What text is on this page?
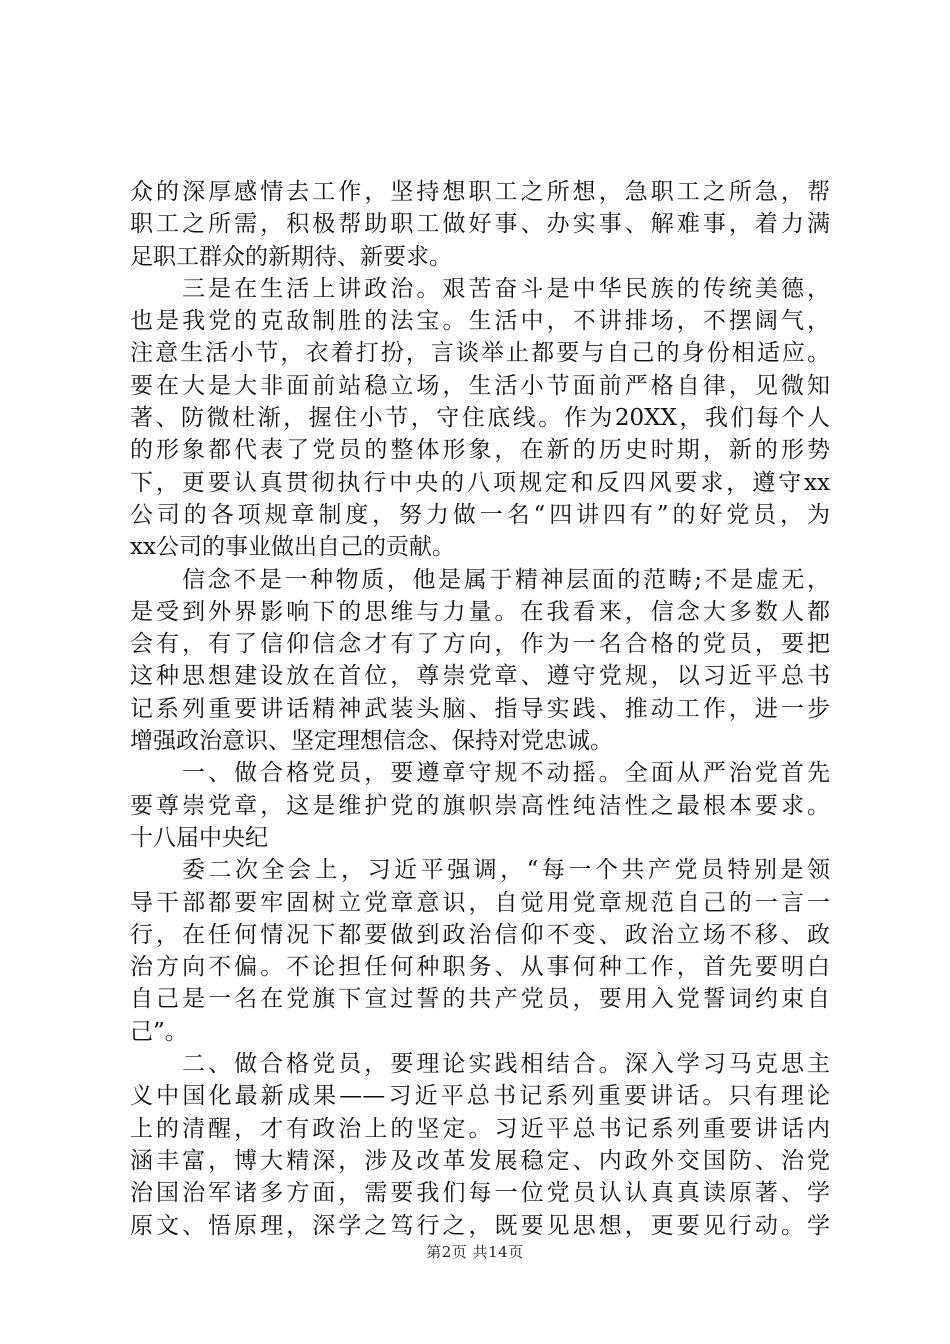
众的深厚感情去工作，坚持想职工之所想，急职工之所急，帮
职工之所需，积极帮助职工做好事、办实事、解难事，着力满
足职工群众的新期待、新要求。
三是在生活上讲政治。艰苦奋斗是中华民族的传统美德，
也是我党的克敌制胜的法宝。生活中，不讲排场，不摆阔气，
注意生活小节，衣着打扮，言谈举止都要与自己的身份相适应。
要在大是大非面前站稳立场，生活小节面前严格自律，见微知
著、防微杜渐，握住小节，守住底线。作为20XX，我们每个人
的形象都代表了党员的整体形象，在新的历史时期，新的形势
下，更要认真贯彻执行中央的八项规定和反四风要求，遵守xx
公司的各项规章制度，努力做一名“四讲四有”的好党员，为
xx公司的事业做出自己的贡献。
信念不是一种物质，他是属于精神层面的范畴;不是虚无，
是受到外界影响下的思维与力量。在我看来，信念大多数人都
会有，有了信仰信念才有了方向，作为一名合格的党员，要把
这种思想建设放在首位，尊崇党章、遵守党规，以习近平总书
记系列重要讲话精神武装头脑、指导实践、推动工作，进一步
增强政治意识、坚定理想信念、保持对党忠诚。
一、做合格党员，要遵章守规不动摇。全面从严治党首先
要尊崇党章，这是维护党的旗帜崇高性纯洁性之最根本要求。
十八届中央纪
委二次全会上，习近平强调，“每一个共产党员特别是领
导干部都要牢固树立党章意识，自觉用党章规范自己的一言一
行，在任何情况下都要做到政治信仰不变、政治立场不移、政
治方向不偏。不论担任何种职务、从事何种工作，首先要明白
自己是一名在党旗下宣过誓的共产党员，要用入党誓词约束自
己”。
二、做合格党员，要理论实践相结合。深入学习马克思主
义中国化最新成果——习近平总书记系列重要讲话。只有理论
上的清醒，才有政治上的坚定。习近平总书记系列重要讲话内
涵丰富，博大精深，涉及改革发展稳定、内政外交国防、治党
治国治军诸多方面，需要我们每一位党员认认真真读原著、学
原文、悟原理，深学之笃行之，既要见思想，更要见行动。学
第2页 共14页
